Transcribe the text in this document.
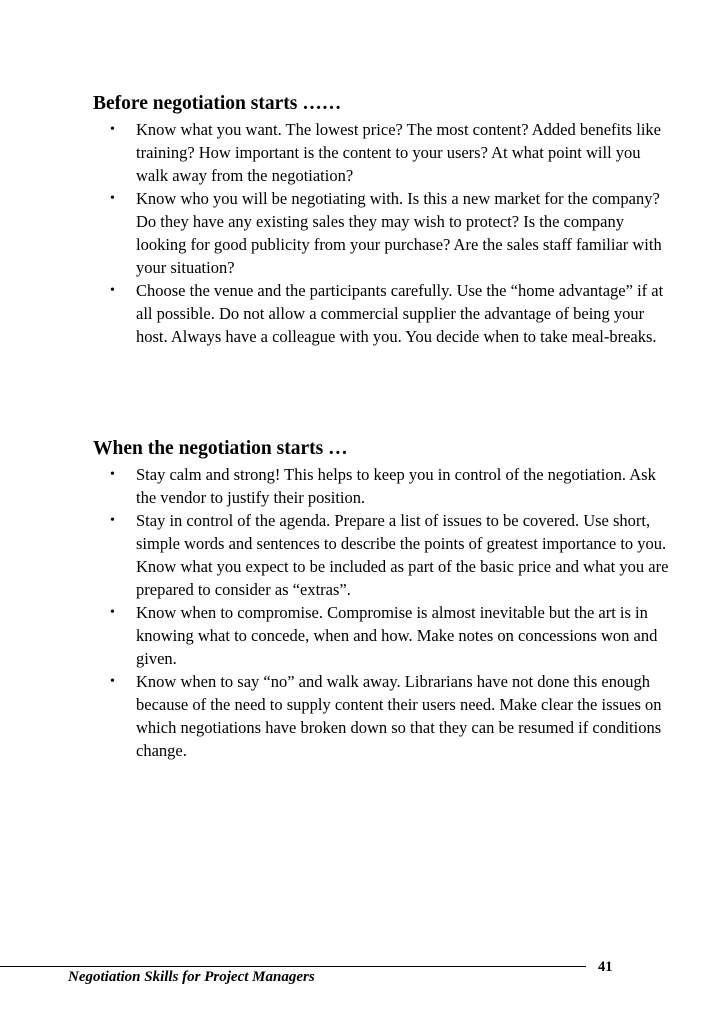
Before negotiation starts ……
• Know what you want. The lowest price? The most content? Added benefits like training? How important is the content to your users? At what point will you walk away from the negotiation?
• Know who you will be negotiating with. Is this a new market for the company? Do they have any existing sales they may wish to protect? Is the company looking for good publicity from your purchase? Are the sales staff familiar with your situation?
• Choose the venue and the participants carefully. Use the “home advantage” if at all possible. Do not allow a commercial supplier the advantage of being your host. Always have a colleague with you. You decide when to take meal-breaks.
When the negotiation starts …
• Stay calm and strong! This helps to keep you in control of the negotiation. Ask the vendor to justify their position.
• Stay in control of the agenda. Prepare a list of issues to be covered. Use short, simple words and sentences to describe the points of greatest importance to you. Know what you expect to be included as part of the basic price and what you are prepared to consider as “extras”.
• Know when to compromise. Compromise is almost inevitable but the art is in knowing what to concede, when and how. Make notes on concessions won and given.
• Know when to say “no” and walk away. Librarians have not done this enough because of the need to supply content their users need. Make clear the issues on which negotiations have broken down so that they can be resumed if conditions change.
Negotiation Skills for Project Managers
41
